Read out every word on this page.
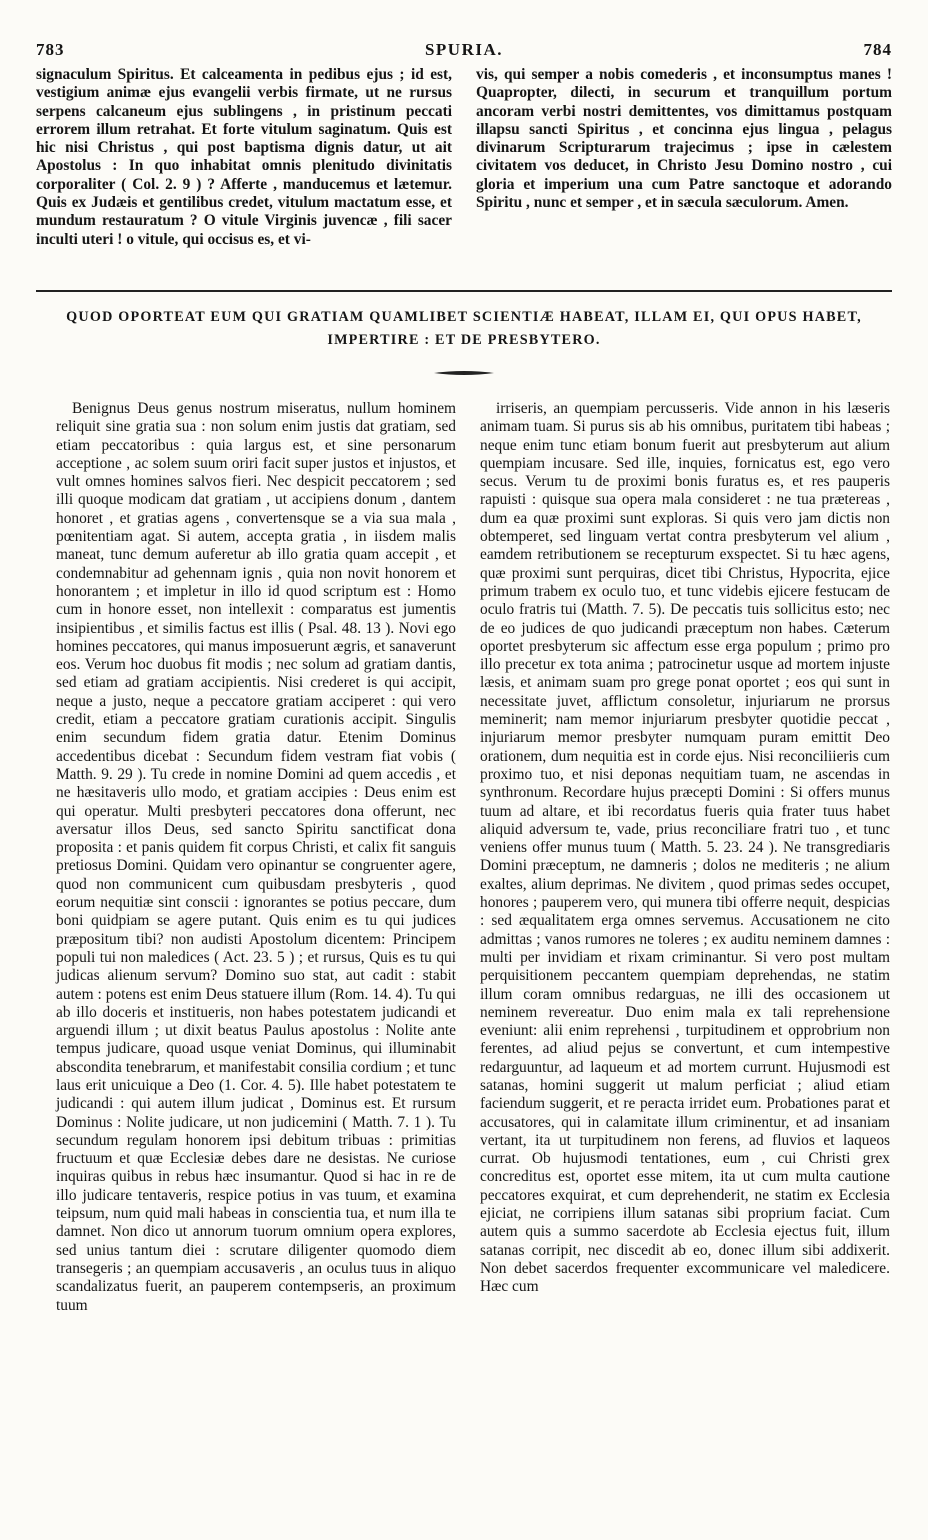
783	SPURIA.	784

signaculum Spiritus. Et calceamenta in pedibus ejus ; id est, vestigium animæ ejus evangelii verbis firmate, ut ne rursus serpens calcaneum ejus sublingens , in pristinum peccati errorem illum retrahat. Et forte vitulum saginatum. Quis est hic nisi Christus , qui post baptisma dignis datur, ut ait Apostolus : In quo inhabitat omnis plenitudo divinitatis corporaliter ( Col. 2. 9 ) ? Afferte , manducemus et lætemur. Quis ex Judæis et gentilibus credet, vitulum mactatum esse, et mundum restauratum ? O vitule Virginis juvencæ , fili sacer inculti uteri ! o vitule, qui occisus es, et vi-

vis, qui semper a nobis comederis , et inconsumptus manes ! Quapropter, dilecti, in securum et tranquillum portum ancoram verbi nostri demittentes, vos dimittamus postquam illapsu sancti Spiritus , et concinna ejus lingua , pelagus divinarum Scripturarum trajecimus ; ipse in cælestem civitatem vos deducet, in Christo Jesu Domino nostro , cui gloria et imperium una cum Patre sanctoque et adorando Spiritu , nunc et semper , et in sæcula sæculorum. Amen.

QUOD OPORTEAT EUM QUI GRATIAM QUAMLIBET SCIENTIÆ HABEAT, ILLAM EI, QUI OPUS HABET,
IMPERTIRE : ET DE PRESBYTERO.

Benignus Deus genus nostrum miseratus, nullum hominem reliquit sine gratia sua : non solum enim justis dat gratiam, sed etiam peccatoribus : quia largus est, et sine personarum acceptione , ac solem suum oriri facit super justos et injustos, et vult omnes homines salvos fieri. Nec despicit peccatorem ; sed illi quoque modicam dat gratiam , ut accipiens donum , dantem honoret , et gratias agens , convertensque se a via sua mala , pœnitentiam agat. Si autem, accepta gratia , in iisdem malis maneat, tunc demum auferetur ab illo gratia quam accepit , et condemnabitur ad gehennam ignis , quia non novit honorem et honorantem ; et impletur in illo id quod scriptum est : Homo cum in honore esset, non intellexit : comparatus est jumentis insipientibus , et similis factus est illis ( Psal. 48. 13 ). Novi ego homines peccatores, qui manus imposuerunt ægris, et sanaverunt eos. Verum hoc duobus fit modis ; nec solum ad gratiam dantis, sed etiam ad gratiam accipientis. Nisi crederet is qui accipit, neque a justo, neque a peccatore gratiam acciperet : qui vero credit, etiam a peccatore gratiam curationis accipit. Singulis enim secundum fidem gratia datur. Etenim Dominus accedentibus dicebat : Secundum fidem vestram fiat vobis ( Matth. 9. 29 ). Tu crede in nomine Domini ad quem accedis , et ne hæsitaveris ullo modo, et gratiam accipies : Deus enim est qui operatur. Multi presbyteri peccatores dona offerunt, nec aversatur illos Deus, sed sancto Spiritu sanctificat dona proposita : et panis quidem fit corpus Christi, et calix fit sanguis pretiosus Domini. Quidam vero opinantur se congruenter agere, quod non communicent cum quibusdam presbyteris , quod eorum nequitiæ sint conscii : ignorantes se potius peccare, dum boni quidpiam se agere putant. Quis enim es tu qui judices præpositum tibi? non audisti Apostolum dicentem: Principem populi tui non maledices ( Act. 23. 5 ) ; et rursus, Quis es tu qui judicas alienum servum? Domino suo stat, aut cadit : stabit autem : potens est enim Deus statuere illum (Rom. 14. 4). Tu qui ab illo doceris et institueris, non habes potestatem judicandi et arguendi illum ; ut dixit beatus Paulus apostolus : Nolite ante tempus judicare, quoad usque veniat Dominus, qui illuminabit abscondita tenebrarum, et manifestabit consilia cordium ; et tunc laus erit unicuique a Deo (1. Cor. 4. 5). Ille habet potestatem te judicandi : qui autem illum judicat , Dominus est. Et rursum Dominus : Nolite judicare, ut non judicemini ( Matth. 7. 1 ). Tu secundum regulam honorem ipsi debitum tribuas : primitias fructuum et quæ Ecclesiæ debes dare ne desistas. Ne curiose inquiras quibus in rebus hæc insumantur. Quod si hac in re de illo judicare tentaveris, respice potius in vas tuum, et examina teipsum, num quid mali habeas in conscientia tua, et num illa te damnet. Non dico ut annorum tuorum omnium opera explores, sed unius tantum diei : scrutare diligenter quomodo diem transegeris ; an quempiam accusaveris , an oculus tuus in aliquo scandalizatus fuerit, an pauperem contempseris, an proximum tuum

irriseris, an quempiam percusseris. Vide annon in his læseris animam tuam. Si purus sis ab his omnibus, puritatem tibi habeas ; neque enim tunc etiam bonum fuerit aut presbyterum aut alium quempiam incusare. Sed ille, inquies, fornicatus est, ego vero secus. Verum tu de proximi bonis furatus es, et res pauperis rapuisti : quisque sua opera mala consideret : ne tua prætereas , dum ea quæ proximi sunt exploras. Si quis vero jam dictis non obtemperet, sed linguam vertat contra presbyterum vel alium , eamdem retributionem se recepturum exspectet. Si tu hæc agens, quæ proximi sunt perquiras, dicet tibi Christus, Hypocrita, ejice primum trabem ex oculo tuo, et tunc videbis ejicere festucam de oculo fratris tui (Matth. 7. 5). De peccatis tuis sollicitus esto; nec de eo judices de quo judicandi præceptum non habes. Cæterum oportet presbyterum sic affectum esse erga populum ; primo pro illo precetur ex tota anima ; patrocinetur usque ad mortem injuste læsis, et animam suam pro grege ponat oportet ; eos qui sunt in necessitate juvet, afflictum consoletur, injuriarum ne prorsus meminerit; nam memor injuriarum presbyter quotidie peccat , injuriarum memor presbyter numquam puram emittit Deo orationem, dum nequitia est in corde ejus. Nisi reconciliieris cum proximo tuo, et nisi deponas nequitiam tuam, ne ascendas in synthronum. Recordare hujus præcepti Domini : Si offers munus tuum ad altare, et ibi recordatus fueris quia frater tuus habet aliquid adversum te, vade, prius reconciliare fratri tuo , et tunc veniens offer munus tuum ( Matth. 5. 23. 24 ). Ne transgrediaris Domini præceptum, ne damneris ; dolos ne mediteris ; ne alium exaltes, alium deprimas. Ne divitem , quod primas sedes occupet, honores ; pauperem vero, qui munera tibi offerre nequit, despicias : sed æqualitatem erga omnes servemus. Accusationem ne cito admittas ; vanos rumores ne toleres ; ex auditu neminem damnes : multi per invidiam et rixam criminantur. Si vero post multam perquisitionem peccantem quempiam deprehendas, ne statim illum coram omnibus redarguas, ne illi des occasionem ut neminem revereatur. Duo enim mala ex tali reprehensione eveniunt: alii enim reprehensi , turpitudinem et opprobrium non ferentes, ad aliud pejus se convertunt, et cum intempestive redarguuntur, ad laqueum et ad mortem currunt. Hujusmodi est satanas, homini suggerit ut malum perficiat ; aliud etiam faciendum suggerit, et re peracta irridet eum. Probationes parat et accusatores, qui in calamitate illum criminentur, et ad insaniam vertant, ita ut turpitudinem non ferens, ad fluvios et laqueos currat. Ob hujusmodi tentationes, eum , cui Christi grex concreditus est, oportet esse mitem, ita ut cum multa cautione peccatores exquirat, et cum deprehenderit, ne statim ex Ecclesia ejiciat, ne corripiens illum satanas sibi proprium faciat. Cum autem quis a summo sacerdote ab Ecclesia ejectus fuit, illum satanas corripit, nec discedit ab eo, donec illum sibi addixerit. Non debet sacerdos frequenter excommunicare vel maledicere. Hæc cum
